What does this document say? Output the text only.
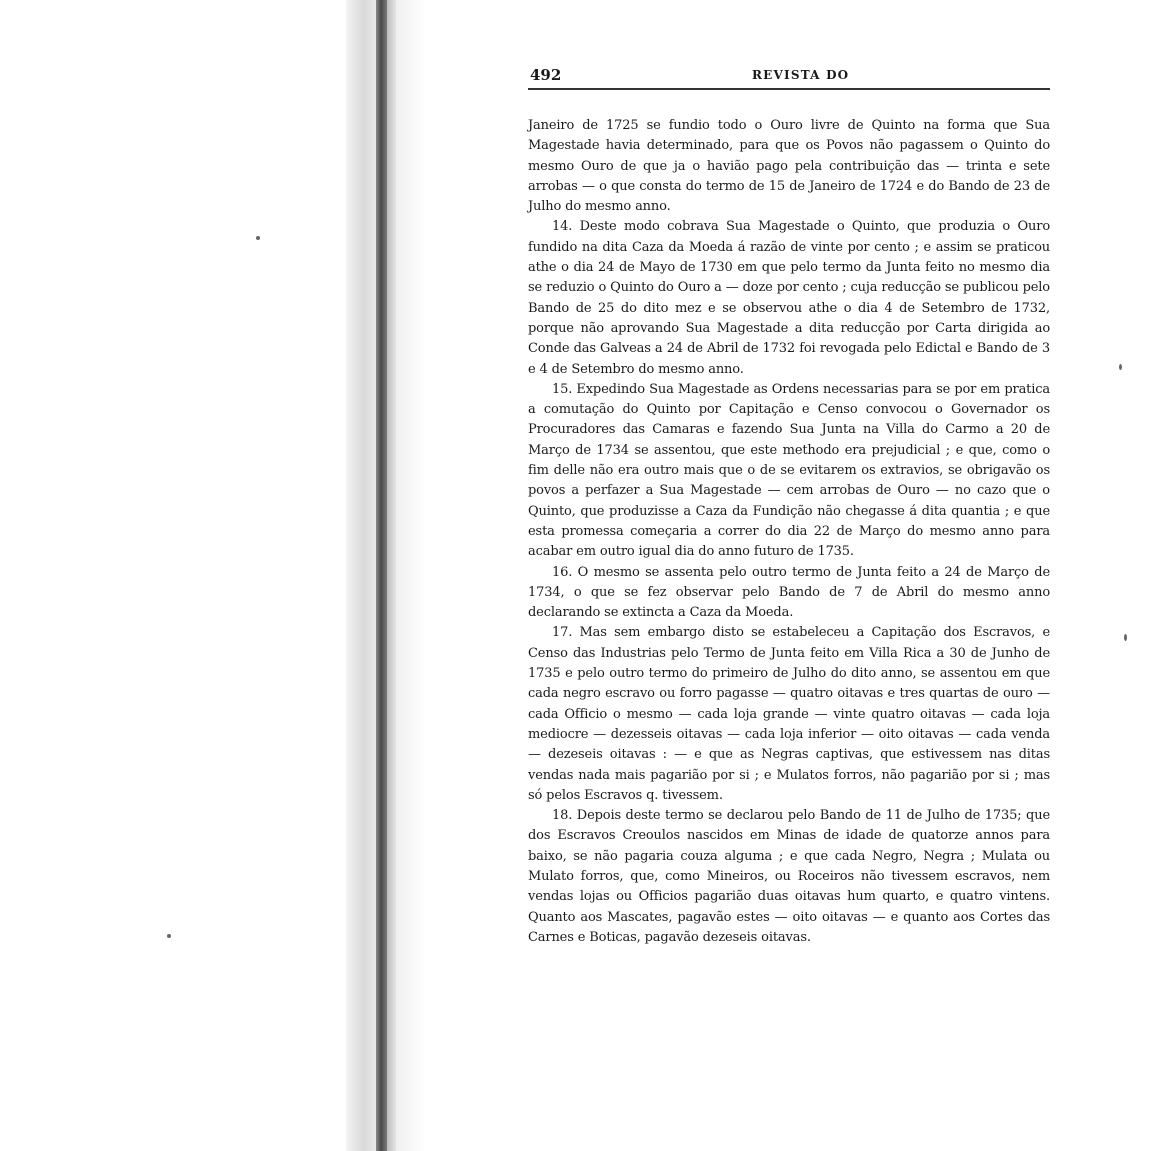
492	REVISTA DO

Janeiro de 1725 se fundio todo o Ouro livre de Quinto na forma que Sua Magestade havia determinado, para que os Povos não pagassem o Quinto do mesmo Ouro de que ja o havião pago pela contribuição das — trinta e sete arrobas — o que consta do termo de 15 de Janeiro de 1724 e do Bando de 23 de Julho do mesmo anno.

14. Deste modo cobrava Sua Magestade o Quinto, que produzia o Ouro fundido na dita Caza da Moeda á razão de vinte por cento ; e assim se praticou athe o dia 24 de Mayo de 1730 em que pelo termo da Junta feito no mesmo dia se reduzio o Quinto do Ouro a — doze por cento ; cuja reducção se publicou pelo Bando de 25 do dito mez e se observou athe o dia 4 de Setembro de 1732, porque não aprovando Sua Magestade a dita reducção por Carta dirigida ao Conde das Galveas a 24 de Abril de 1732 foi revogada pelo Edictal e Bando de 3 e 4 de Setembro do mesmo anno.

15. Expedindo Sua Magestade as Ordens necessarias para se por em pratica a comutação do Quinto por Capitação e Censo convocou o Governador os Procuradores das Camaras e fazendo Sua Junta na Villa do Carmo a 20 de Março de 1734 se assentou, que este methodo era prejudicial ; e que, como o fim delle não era outro mais que o de se evitarem os extravios, se obrigavão os povos a perfazer a Sua Magestade — cem arrobas de Ouro — no cazo que o Quinto, que produzisse a Caza da Fundição não chegasse á dita quantia ; e que esta promessa começaria a correr do dia 22 de Março do mesmo anno para acabar em outro igual dia do anno futuro de 1735.

16. O mesmo se assenta pelo outro termo de Junta feito a 24 de Março de 1734, o que se fez observar pelo Bando de 7 de Abril do mesmo anno declarando se extincta a Caza da Moeda.

17. Mas sem embargo disto se estabeleceu a Capitação dos Escravos, e Censo das Industrias pelo Termo de Junta feito em Villa Rica a 30 de Junho de 1735 e pelo outro termo do primeiro de Julho do dito anno, se assentou em que cada negro escravo ou forro pagasse — quatro oitavas e tres quartas de ouro — cada Officio o mesmo — cada loja grande — vinte quatro oitavas — cada loja mediocre — dezesseis oitavas — cada loja inferior — oito oitavas — cada venda — dezeseis oitavas : — e que as Negras captivas, que estivessem nas ditas vendas nada mais pagarião por si ; e Mulatos forros, não pagarião por si ; mas só pelos Escravos q. tivessem.

18. Depois deste termo se declarou pelo Bando de 11 de Julho de 1735; que dos Escravos Creoulos nascidos em Minas de idade de quatorze annos para baixo, se não pagaria couza alguma ; e que cada Negro, Negra ; Mulata ou Mulato forros, que, como Mineiros, ou Roceiros não tivessem escravos, nem vendas lojas ou Officios pagarião duas oitavas hum quarto, e quatro vintens. Quanto aos Mascates, pagavão estes — oito oitavas — e quanto aos Cortes das Carnes e Boticas, pagavão dezeseis oitavas.
